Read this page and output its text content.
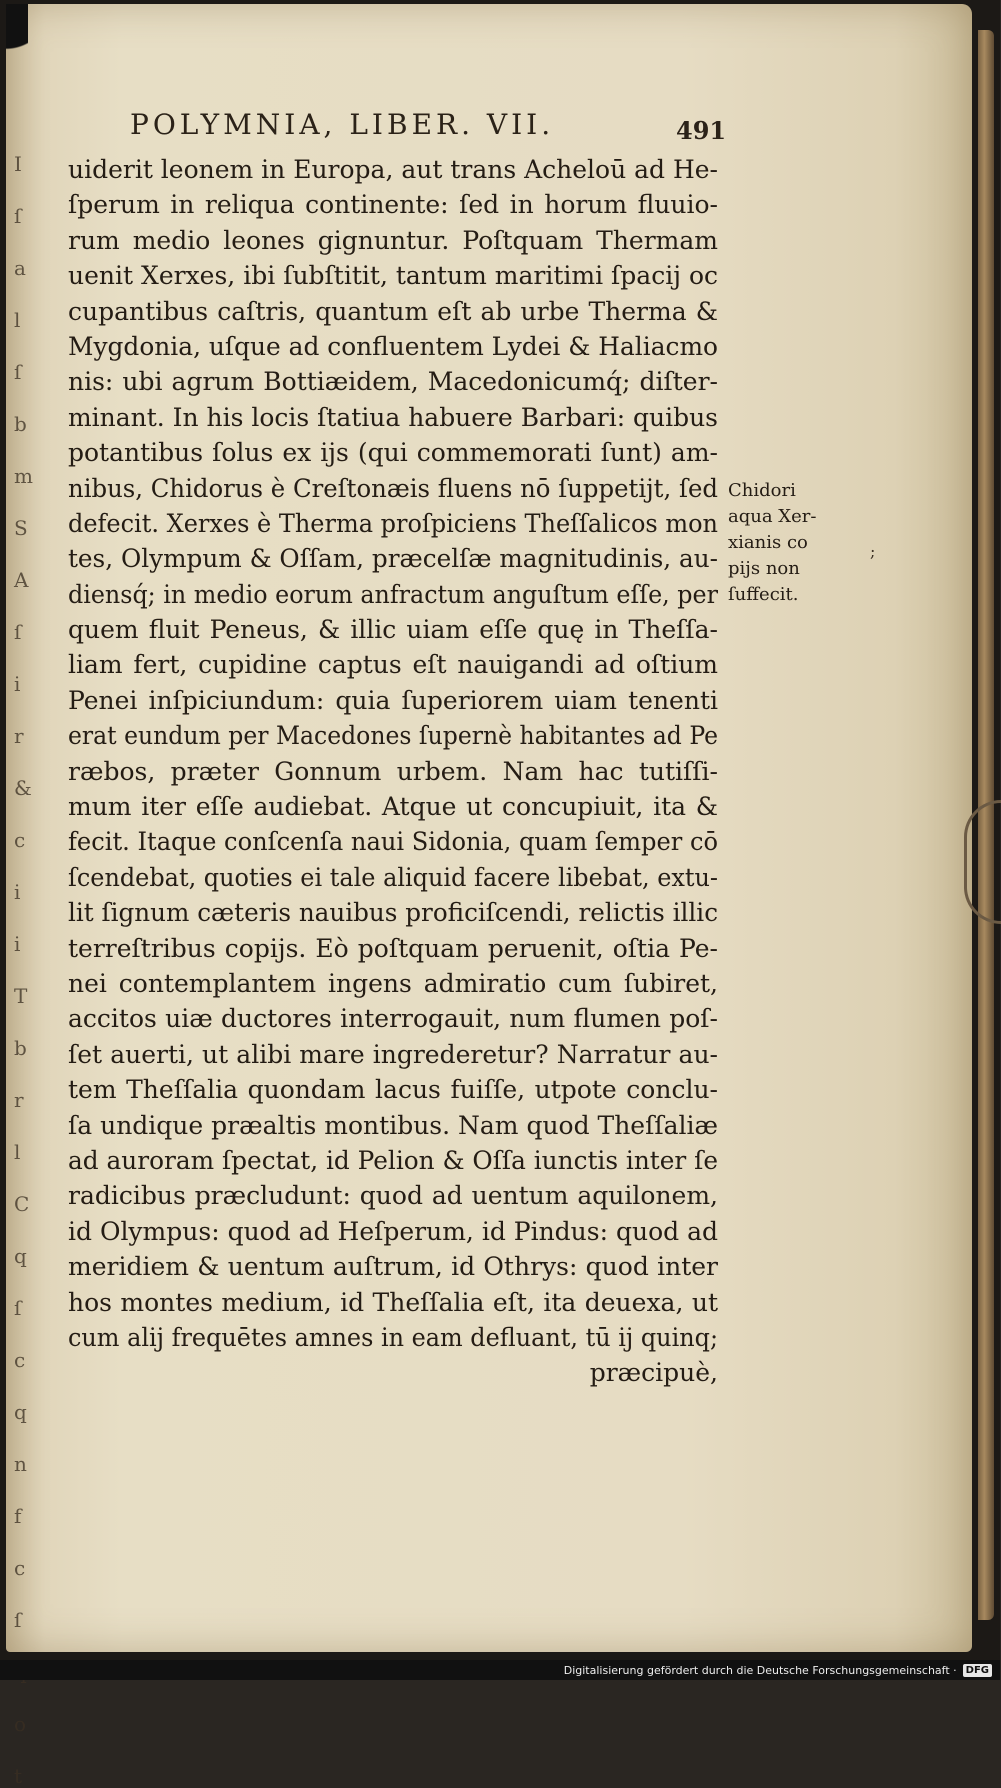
I
ſ
a
l
ſ
b
m
S
A
ſ
i
r
&
c
i
i
T
b
r
l
C
q
ſ
c
q
n
f
c
ſ
o
t
POLYMNIA, LIBER. VII.	491
uiderit leonem in Europa, aut trans Acheloū ad He-
ſperum in reliqua continente: ſed in horum fluuio-
rum medio leones gignuntur. Poſtquam Thermam
uenit Xerxes, ibi ſubſtitit, tantum maritimi ſpacij oc
cupantibus caſtris, quantum eſt ab urbe Therma &
Mygdonia, uſque ad confluentem Lydei & Haliacmo
nis: ubi agrum Bottiæidem, Macedonicumq́; diſter-
minant. In his locis ſtatiua habuere Barbari: quibus
potantibus ſolus ex ijs (qui commemorati ſunt) am-
nibus, Chidorus è Creſtonæis fluens nō ſuppetijt, ſed
defecit. Xerxes è Therma proſpiciens Theſſalicos mon
tes, Olympum & Oſſam, præcelſæ magnitudinis, au-
diensq́; in medio eorum anfractum anguſtum eſſe, per
quem fluit Peneus, & illic uiam eſſe quę in Theſſa-
liam fert, cupidine captus eſt nauigandi ad oſtium
Penei inſpiciundum: quia ſuperiorem uiam tenenti
erat eundum per Macedones ſupernè habitantes ad Pe
ræbos, præter Gonnum urbem. Nam hac tutiſſi-
mum iter eſſe audiebat. Atque ut concupiuit, ita &
fecit. Itaque conſcenſa naui Sidonia, quam ſemper cō
ſcendebat, quoties ei tale aliquid facere libebat, extu-
lit ſignum cæteris nauibus proficiſcendi, relictis illic
terreſtribus copijs. Eò poſtquam peruenit, oſtia Pe-
nei contemplantem ingens admiratio cum ſubiret,
accitos uiæ ductores interrogauit, num flumen poſ-
ſet auerti, ut alibi mare ingrederetur? Narratur au-
tem Theſſalia quondam lacus fuiſſe, utpote conclu-
ſa undique præaltis montibus. Nam quod Theſſaliæ
ad auroram ſpectat, id Pelion & Oſſa iunctis inter ſe
radicibus præcludunt: quod ad uentum aquilonem,
id Olympus: quod ad Heſperum, id Pindus: quod ad
meridiem & uentum auſtrum, id Othrys: quod inter
hos montes medium, id Theſſalia eſt, ita deuexa, ut
cum alij frequētes amnes in eam defluant, tū ij quinq;
præcipuè,
Chidori
aqua Xer-
xianis co
pijs non
ſuffecit.
;
Digitalisierung gefördert durch die Deutsche Forschungsgemeinschaft · DFG
